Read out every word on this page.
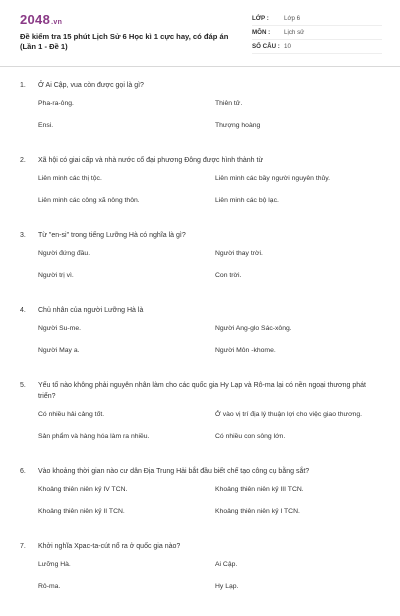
2048.vn
Đề kiểm tra 15 phút Lịch Sử 6 Học kì 1 cực hay, có đáp án (Lần 1 - Đề 1)
LỚP :	Lớp 6
MÔN :	Lịch sử
SỐ CÂU : 10
1.	Ở Ai Cập, vua còn được gọi là gì?
Pha-ra-ông.	Thiên tử.
Ensi.	Thượng hoàng
2.	Xã hội có giai cấp và nhà nước cổ đại phương Đông được hình thành từ
Liên minh các thị tộc.	Liên minh các bầy người nguyên thủy.
Liên minh các công xã nông thôn.	Liên minh các bộ lạc.
3.	Từ "en-si" trong tiếng Lưỡng Hà có nghĩa là gì?
Người đứng đầu.	Người thay trời.
Người trị vì.	Con trời.
4.	Chủ nhân của người Lưỡng Hà là
Người Su-me.	Người Ang-glo Sác-xông.
Người May a.	Người Môn -khome.
5.	Yếu tố nào không phải nguyên nhân làm cho các quốc gia Hy Lạp và Rô-ma lại có nền ngoại thương phát triển?
Có nhiều hải cảng tốt.	Ở vào vị trí địa lý thuận lợi cho việc giao thương.
Sản phẩm và hàng hóa làm ra nhiều.	Có nhiều con sông lớn.
6.	Vào khoảng thời gian nào cư dân Địa Trung Hải bắt đầu biết chế tạo công cụ bằng sắt?
Khoảng thiên niên kỷ IV TCN.	Khoảng thiên niên kỷ III TCN.
Khoảng thiên niên kỷ II TCN.	Khoảng thiên niên kỷ I TCN.
7.	Khởi nghĩa Xpac-ta-cút nổ ra ở quốc gia nào?
Lưỡng Hà.	Ai Cập.
Rô-ma.	Hy Lạp.
